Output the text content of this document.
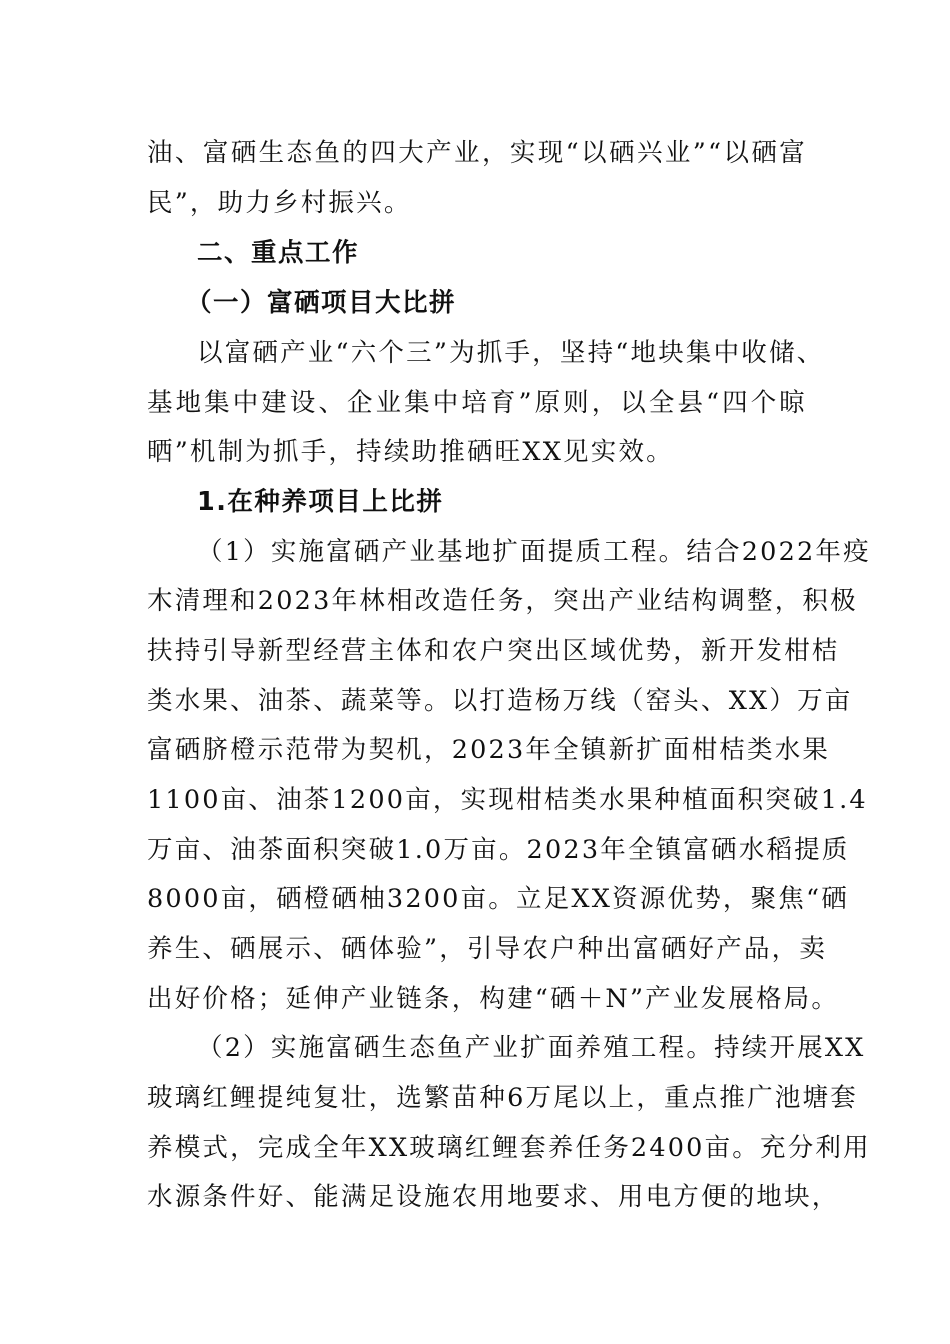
油、富硒生态鱼的四大产业，实现“以硒兴业”“以硒富
民”，助力乡村振兴。
二、重点工作
（一）富硒项目大比拼
以富硒产业“六个三”为抓手，坚持“地块集中收储、
基地集中建设、企业集中培育”原则，以全县“四个晾
晒”机制为抓手，持续助推硒旺XX见实效。
1.在种养项目上比拼
（1）实施富硒产业基地扩面提质工程。结合2022年疫
木清理和2023年林相改造任务，突出产业结构调整，积极
扶持引导新型经营主体和农户突出区域优势，新开发柑桔
类水果、油茶、蔬菜等。以打造杨万线（窑头、XX）万亩
富硒脐橙示范带为契机，2023年全镇新扩面柑桔类水果
1100亩、油茶1200亩，实现柑桔类水果种植面积突破1.4
万亩、油茶面积突破1.0万亩。2023年全镇富硒水稻提质
8000亩，硒橙硒柚3200亩。立足XX资源优势，聚焦“硒
养生、硒展示、硒体验”，引导农户种出富硒好产品，卖
出好价格；延伸产业链条，构建“硒＋N”产业发展格局。
（2）实施富硒生态鱼产业扩面养殖工程。持续开展XX
玻璃红鲤提纯复壮，选繁苗种6万尾以上，重点推广池塘套
养模式，完成全年XX玻璃红鲤套养任务2400亩。充分利用
水源条件好、能满足设施农用地要求、用电方便的地块，
